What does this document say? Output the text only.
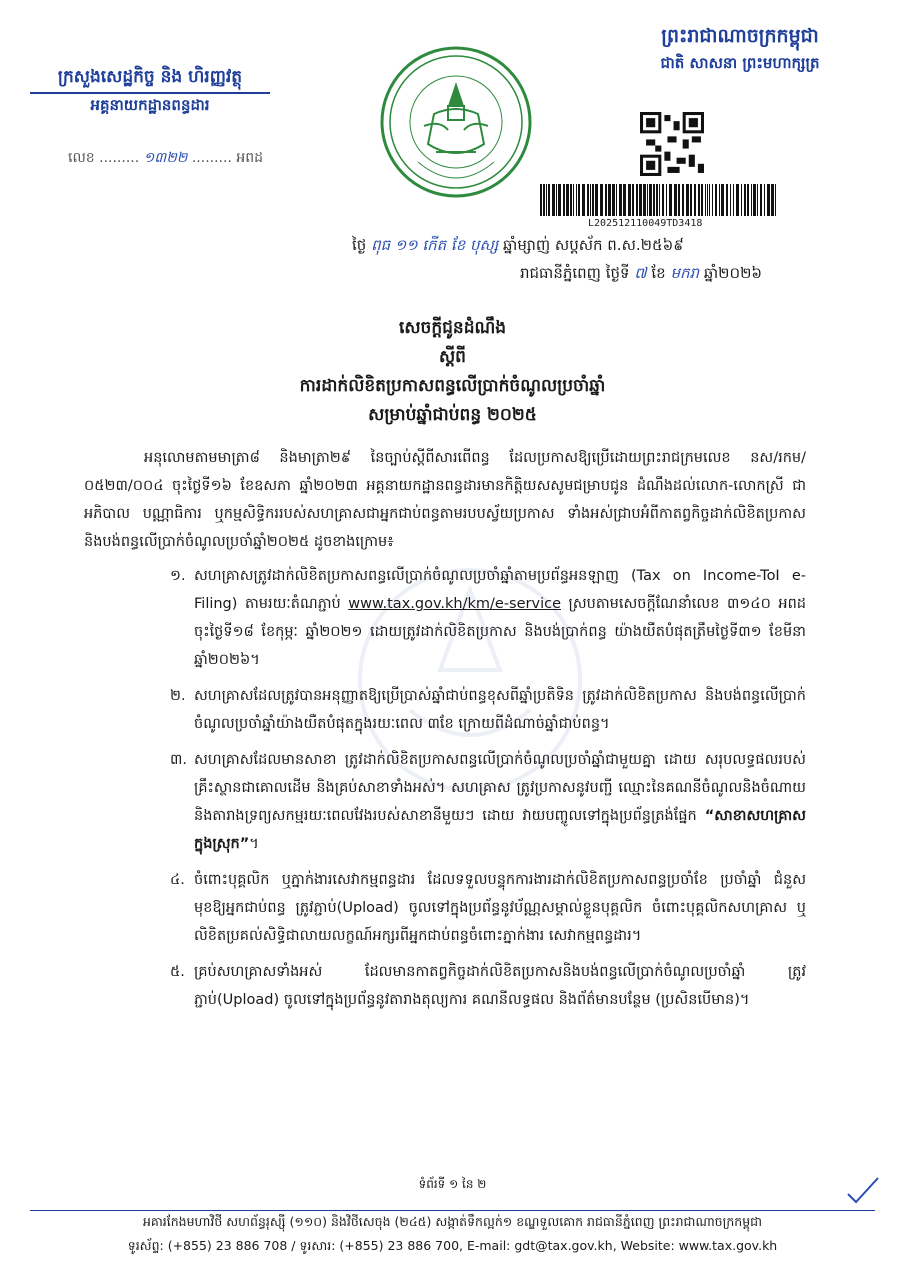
ក្រសួងសេដ្ឋកិច្ច និង ហិរញ្ញវត្ថុ
អគ្គនាយកដ្ឋានពន្ធដារ
លេខ ......... ១៣២២ ......... អពដ
ព្រះរាជាណាចក្រកម្ពុជា
ជាតិ សាសនា ព្រះមហាក្សត្រ
L202512110049TD3418
ថ្ងៃ ពុធ ១១ កើត ខែ បុស្ស ឆ្នាំម្សាញ់ សប្តស័ក ព.ស.២៥៦៩
រាជធានីភ្នំពេញ ថ្ងៃទី ៧ ខែ មករា ឆ្នាំ២០២៦
សេចក្តីជូនដំណឹង
ស្តីពី
ការដាក់លិខិតប្រកាសពន្ធលើប្រាក់ចំណូលប្រចាំឆ្នាំ
សម្រាប់ឆ្នាំជាប់ពន្ធ ២០២៥

អនុលោមតាមមាត្រា៨ និងមាត្រា២៩ នៃច្បាប់ស្តីពីសារពើពន្ធ ដែលប្រកាសឱ្យប្រើដោយព្រះរាជក្រមលេខ នស/រកម/០៥២៣/០០៤ ចុះថ្ងៃទី១៦ ខែឧសភា ឆ្នាំ២០២៣ អគ្គនាយកដ្ឋានពន្ធដារមានកិត្តិយសសូមជម្រាបជូន ដំណឹងដល់លោក-លោកស្រី ជាអភិបាល បណ្ណាធិការ ឬកម្មសិទ្ធិកររបស់សហគ្រាសជាអ្នកជាប់ពន្ធតាមរបបស្វ័យប្រកាស ទាំងអស់ជ្រាបអំពីកាតព្វកិច្ចដាក់លិខិតប្រកាស និងបង់ពន្ធលើប្រាក់ចំណូលប្រចាំឆ្នាំ២០២៥ ដូចខាងក្រោម៖

១. សហគ្រាសត្រូវដាក់លិខិតប្រកាសពន្ធលើប្រាក់ចំណូលប្រចាំឆ្នាំតាមប្រព័ន្ធអនឡាញ (Tax on Income-ToI e-Filing) តាមរយៈតំណភ្ជាប់ www.tax.gov.kh/km/e-service ស្របតាមសេចក្តីណែនាំលេខ ៣១៤០ អពដ ចុះថ្ងៃទី១៨ ខែកុម្ភៈ ឆ្នាំ២០២១ ដោយត្រូវដាក់លិខិតប្រកាស និងបង់ប្រាក់ពន្ធ យ៉ាងយឺតបំផុតត្រឹមថ្ងៃទី៣១ ខែមីនា ឆ្នាំ២០២៦។
២. សហគ្រាសដែលត្រូវបានអនុញ្ញាតឱ្យប្រើប្រាស់ឆ្នាំជាប់ពន្ធខុសពីឆ្នាំប្រតិទិន ត្រូវដាក់លិខិតប្រកាស និងបង់ពន្ធលើប្រាក់ចំណូលប្រចាំឆ្នាំយ៉ាងយឺតបំផុតក្នុងរយៈពេល ៣ខែ ក្រោយពីដំណាច់ឆ្នាំជាប់ពន្ធ។
៣. សហគ្រាសដែលមានសាខា ត្រូវដាក់លិខិតប្រកាសពន្ធលើប្រាក់ចំណូលប្រចាំឆ្នាំជាមួយគ្នា ដោយ សរុបលទ្ធផលរបស់គ្រឹះស្ថានជាគោលដើម និងគ្រប់សាខាទាំងអស់។ សហគ្រាស ត្រូវប្រកាសនូវបញ្ជី ឈ្មោះនៃគណនីចំណូលនិងចំណាយ និងតារាងទ្រព្យសកម្មរយៈពេលវែងរបស់សាខានីមួយៗ ដោយ វាយបញ្ចូលទៅក្នុងប្រព័ន្ធត្រង់ផ្នែក “សាខាសហគ្រាសក្នុងស្រុក”។
៤. ចំពោះបុគ្គលិក ឬភ្នាក់ងារសេវាកម្មពន្ធដារ ដែលទទួលបន្ទុកការងារដាក់លិខិតប្រកាសពន្ធប្រចាំខែ ប្រចាំឆ្នាំ ជំនួសមុខឱ្យអ្នកជាប់ពន្ធ ត្រូវភ្ជាប់(Upload) ចូលទៅក្នុងប្រព័ន្ធនូវប័ណ្ណសម្គាល់ខ្លួនបុគ្គលិក ចំពោះបុគ្គលិកសហគ្រាស ឬលិខិតប្រគល់សិទ្ធិជាលាយលក្ខណ៍អក្សរពីអ្នកជាប់ពន្ធចំពោះភ្នាក់ងារ សេវាកម្មពន្ធដារ។
៥. គ្រប់សហគ្រាសទាំងអស់ ដែលមានកាតព្វកិច្ចដាក់លិខិតប្រកាសនិងបង់ពន្ធលើប្រាក់ចំណូលប្រចាំឆ្នាំ ត្រូវភ្ជាប់(Upload) ចូលទៅក្នុងប្រព័ន្ធនូវតារាងតុល្យការ គណនីលទ្ធផល និងព័ត៌មានបន្ថែម (ប្រសិនបើមាន)។
ទំព័រទី ១ នៃ ២
អគារកែងមហាវិថី សហព័ន្ធរុស្ស៊ី (១១០) និងវិថីសេចុង (២៤៥) សង្កាត់ទឹកល្អក់១ ខណ្ឌទួលគោក រាជធានីភ្នំពេញ ព្រះរាជាណាចក្រកម្ពុជា
ទូរស័ព្ទ: (+855) 23 886 708 / ទូរសារ: (+855) 23 886 700, E-mail: gdt@tax.gov.kh, Website: www.tax.gov.kh
